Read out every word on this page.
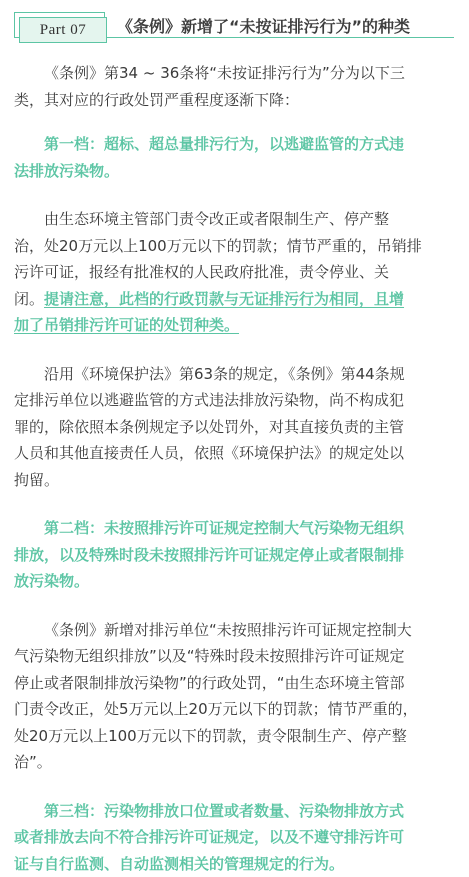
Part 07	《条例》新增了“未按证排污行为”的种类
《条例》第34 ~ 36条将“未按证排污行为”分为以下三
类，其对应的行政处罚严重程度逐渐下降：
第一档：超标、超总量排污行为，以逃避监管的方式违
法排放污染物。
由生态环境主管部门责令改正或者限制生产、停产整
治，处20万元以上100万元以下的罚款；情节严重的，吊销排
污许可证，报经有批准权的人民政府批准，责令停业、关
闭。提请注意，此档的行政罚款与无证排污行为相同，且增
加了吊销排污许可证的处罚种类。
沿用《环境保护法》第63条的规定，《条例》第44条规
定排污单位以逃避监管的方式违法排放污染物，尚不构成犯
罪的，除依照本条例规定予以处罚外，对其直接负责的主管
人员和其他直接责任人员，依照《环境保护法》的规定处以
拘留。
第二档：未按照排污许可证规定控制大气污染物无组织
排放，以及特殊时段未按照排污许可证规定停止或者限制排
放污染物。
《条例》新增对排污单位“未按照排污许可证规定控制大
气污染物无组织排放”以及“特殊时段未按照排污许可证规定
停止或者限制排放污染物”的行政处罚，“由生态环境主管部
门责令改正，处5万元以上20万元以下的罚款；情节严重的，
处20万元以上100万元以下的罚款，责令限制生产、停产整
治”。
第三档：污染物排放口位置或者数量、污染物排放方式
或者排放去向不符合排污许可证规定，以及不遵守排污许可
证与自行监测、自动监测相关的管理规定的行为。
